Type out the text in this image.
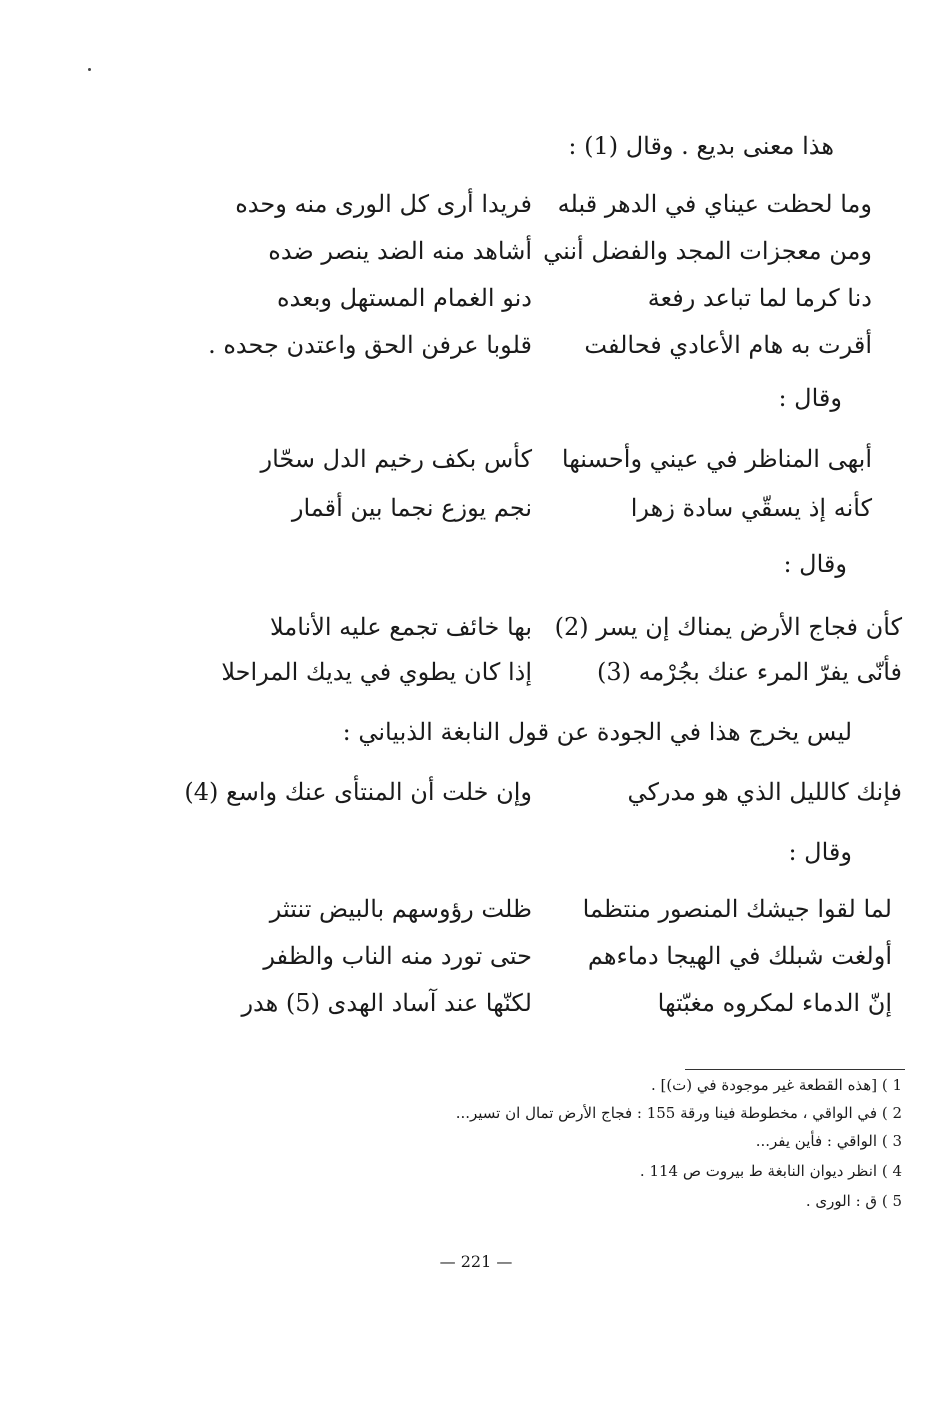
هذا معنى بديع . وقال (1) :
وما لحظت عيناي في الدهر قبله
فريدا أرى كل الورى منه وحده
ومن معجزات المجد والفضل أنني
أشاهد منه الضد ينصر ضده
دنا كرما لما تباعد رفعة
دنو الغمام المستهل وبعده
أقرت به هام الأعادي فحالفت
قلوبا عرفن الحق واعتدن جحده .
وقال :
أبهى المناظر في عيني وأحسنها
كأس بكف رخيم الدل سحّار
كأنه إذ يسقّي سادة زهرا
نجم يوزع نجما بين أقمار
وقال :
كأن فجاج الأرض يمناك إن يسر (2)
بها خائف تجمع عليه الأناملا
فأنّى يفرّ المرء عنك بجُرْمه (3)
إذا كان يطوي في يديك المراحلا
ليس يخرج هذا في الجودة عن قول النابغة الذبياني :
فإنك كالليل الذي هو مدركي
وإن خلت أن المنتأى عنك واسع (4)
وقال :
لما لقوا جيشك المنصور منتظما
ظلت رؤوسهم بالبيض تنتثر
أولغت شبلك في الهيجا دماءهم
حتى تورد منه الناب والظفر
إنّ الدماء لمكروه مغبّتها
لكنّها عند آساد الهدى (5) هدر
1 ) [هذه القطعة غير موجودة في (ت)] .
2 ) في الواقي ، مخطوطة فينا ورقة 155 : فجاج الأرض تمال ان تسير...
3 ) الواقي : فأين يفر...
4 ) انظر ديوان النابغة ط بيروت ص 114 .
5 ) ق : الورى .
— 221 —
